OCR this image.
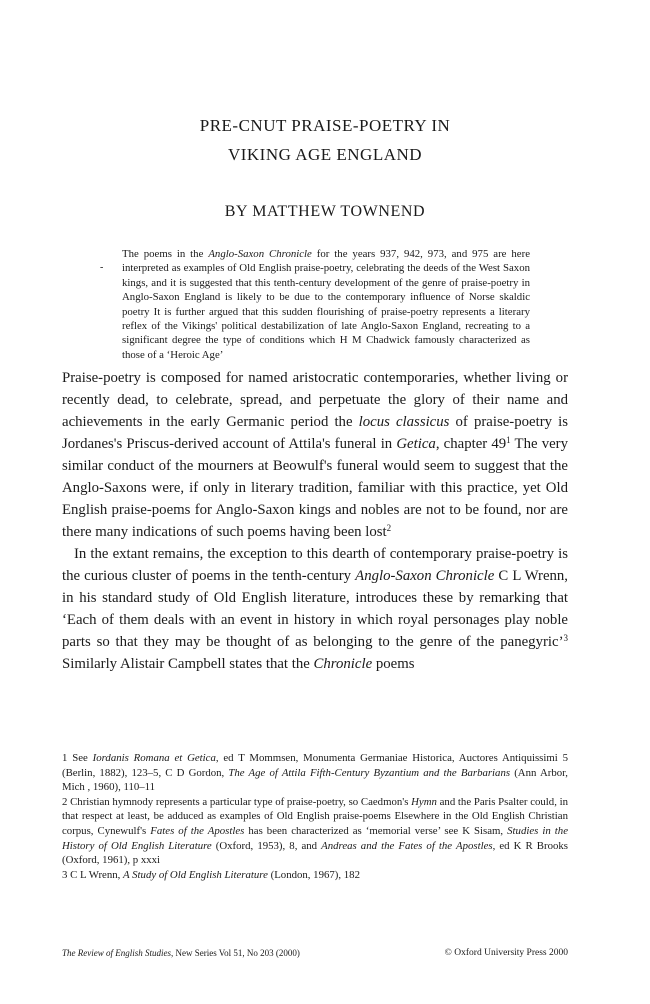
PRE-CNUT PRAISE-POETRY IN
VIKING AGE ENGLAND
BY MATTHEW TOWNEND
-
The poems in the Anglo-Saxon Chronicle for the years 937, 942, 973, and 975 are here interpreted as examples of Old English praise-poetry, celebrating the deeds of the West Saxon kings, and it is suggested that this tenth-century development of the genre of praise-poetry in Anglo-Saxon England is likely to be due to the contemporary influence of Norse skaldic poetry It is further argued that this sudden flourishing of praise-poetry represents a literary reflex of the Vikings' political destabilization of late Anglo-Saxon England, recreating to a significant degree the type of conditions which H M Chadwick famously characterized as those of a ‘Heroic Age’

Praise-poetry is composed for named aristocratic contemporaries, whether living or recently dead, to celebrate, spread, and perpetuate the glory of their name and achievements in the early Germanic period the locus classicus of praise-poetry is Jordanes's Priscus-derived account of Attila's funeral in Getica, chapter $49^1$ The very similar conduct of the mourners at Beowulf's funeral would seem to suggest that the Anglo-Saxons were, if only in literary tradition, familiar with this practice, yet Old English praise-poems for Anglo-Saxon kings and nobles are not to be found, nor are there many indications of such poems having been lost$^2$

In the extant remains, the exception to this dearth of contemporary praise-poetry is the curious cluster of poems in the tenth-century Anglo-Saxon Chronicle C L Wrenn, in his standard study of Old English literature, introduces these by remarking that ‘Each of them deals with an event in history in which royal personages play noble parts so that they may be thought of as belonging to the genre of the panegyric’$^3$ Similarly Alistair Campbell states that the Chronicle poems

1 See Iordanis Romana et Getica, ed T Mommsen, Monumenta Germaniae Historica, Auctores Antiquissimi 5 (Berlin, 1882), 123–5, C D Gordon, The Age of Attila Fifth-Century Byzantium and the Barbarians (Ann Arbor, Mich , 1960), 110–11

2 Christian hymnody represents a particular type of praise-poetry, so Caedmon's Hymn and the Paris Psalter could, in that respect at least, be adduced as examples of Old English praise-poems Elsewhere in the Old English Christian corpus, Cynewulf's Fates of the Apostles has been characterized as ‘memorial verse’ see K Sisam, Studies in the History of Old English Literature (Oxford, 1953), 8, and Andreas and the Fates of the Apostles, ed K R Brooks (Oxford, 1961), p xxxi

3 C L Wrenn, A Study of Old English Literature (London, 1967), 182

The Review of English Studies, New Series Vol 51, No 203 (2000)	© Oxford University Press 2000
